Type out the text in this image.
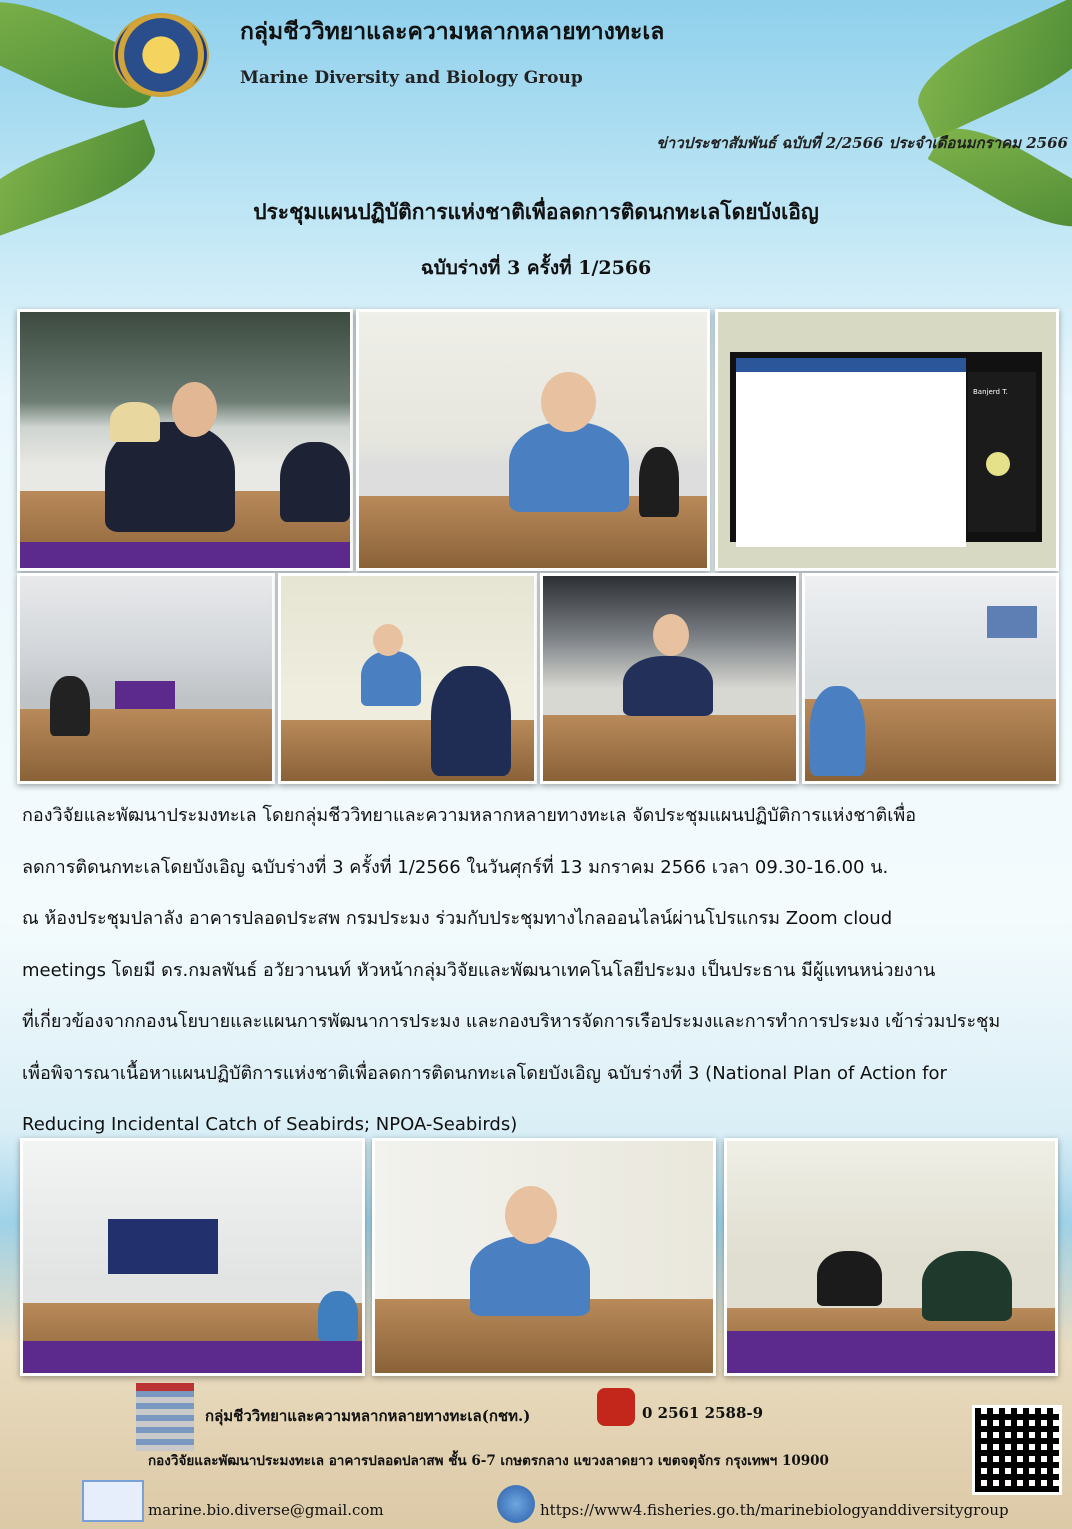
กลุ่มชีววิทยาและความหลากหลายทางทะเล
Marine Diversity and Biology Group
ข่าวประชาสัมพันธ์ ฉบับที่ 2/2566 ประจำเดือนมกราคม 2566
ประชุมแผนปฏิบัติการแห่งชาติเพื่อลดการติดนกทะเลโดยบังเอิญ
ฉบับร่างที่ 3 ครั้งที่ 1/2566
Banjerd T.

กองวิจัยและพัฒนาประมงทะเล โดยกลุ่มชีววิทยาและความหลากหลายทางทะเล จัดประชุมแผนปฏิบัติการแห่งชาติเพื่อ

ลดการติดนกทะเลโดยบังเอิญ ฉบับร่างที่ 3 ครั้งที่ 1/2566 ในวันศุกร์ที่ 13 มกราคม 2566 เวลา 09.30-16.00 น.

ณ ห้องประชุมปลาลัง อาคารปลอดประสพ กรมประมง ร่วมกับประชุมทางไกลออนไลน์ผ่านโปรแกรม Zoom cloud

meetings โดยมี ดร.กมลพันธ์ อวัยวานนท์ หัวหน้ากลุ่มวิจัยและพัฒนาเทคโนโลยีประมง เป็นประธาน มีผู้แทนหน่วยงาน

ที่เกี่ยวข้องจากกองนโยบายและแผนการพัฒนาการประมง และกองบริหารจัดการเรือประมงและการทำการประมง เข้าร่วมประชุม

เพื่อพิจารณาเนื้อหาแผนปฏิบัติการแห่งชาติเพื่อลดการติดนกทะเลโดยบังเอิญ ฉบับร่างที่ 3 (National Plan of Action for

Reducing Incidental Catch of Seabirds; NPOA-Seabirds)

กลุ่มชีววิทยาและความหลากหลายทางทะเล(กชท.)	0 2561 2588-9
กองวิจัยและพัฒนาประมงทะเล อาคารปลอดปลาสพ ชั้น 6-7 เกษตรกลาง แขวงลาดยาว เขตจตุจักร กรุงเทพฯ 10900
marine.bio.diverse@gmail.com	https://www4.fisheries.go.th/marinebiologyanddiversitygroup
